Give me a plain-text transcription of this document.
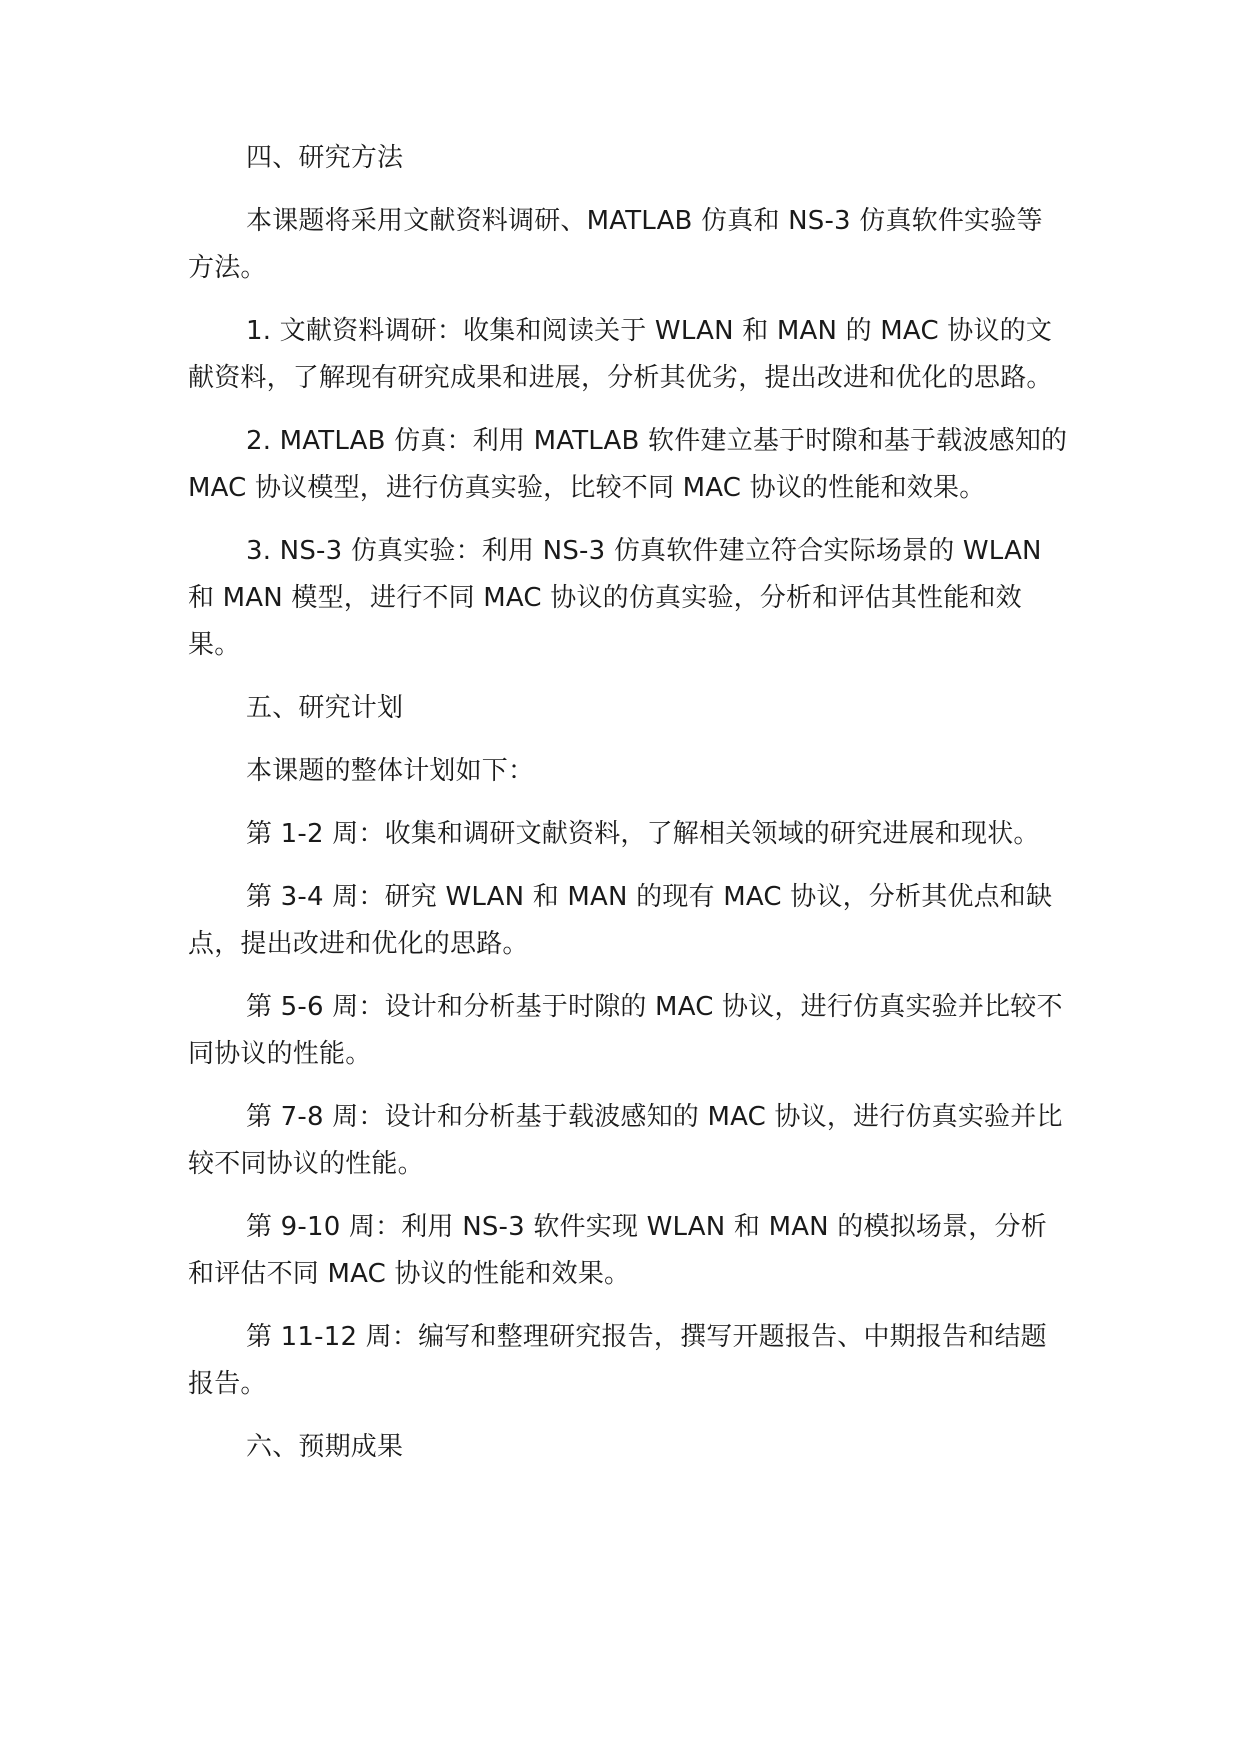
四、研究方法

本课题将采用文献资料调研、MATLAB 仿真和 NS-3 仿真软件实验等方法。

1. 文献资料调研：收集和阅读关于 WLAN 和 MAN 的 MAC 协议的文献资料，了解现有研究成果和进展，分析其优劣，提出改进和优化的思路。

2. MATLAB 仿真：利用 MATLAB 软件建立基于时隙和基于载波感知的 MAC 协议模型，进行仿真实验，比较不同 MAC 协议的性能和效果。

3. NS-3 仿真实验：利用 NS-3 仿真软件建立符合实际场景的 WLAN 和 MAN 模型，进行不同 MAC 协议的仿真实验，分析和评估其性能和效果。

五、研究计划

本课题的整体计划如下：

第 1-2 周：收集和调研文献资料，了解相关领域的研究进展和现状。

第 3-4 周：研究 WLAN 和 MAN 的现有 MAC 协议，分析其优点和缺点，提出改进和优化的思路。

第 5-6 周：设计和分析基于时隙的 MAC 协议，进行仿真实验并比较不同协议的性能。

第 7-8 周：设计和分析基于载波感知的 MAC 协议，进行仿真实验并比较不同协议的性能。

第 9-10 周：利用 NS-3 软件实现 WLAN 和 MAN 的模拟场景，分析和评估不同 MAC 协议的性能和效果。

第 11-12 周：编写和整理研究报告，撰写开题报告、中期报告和结题报告。

六、预期成果
